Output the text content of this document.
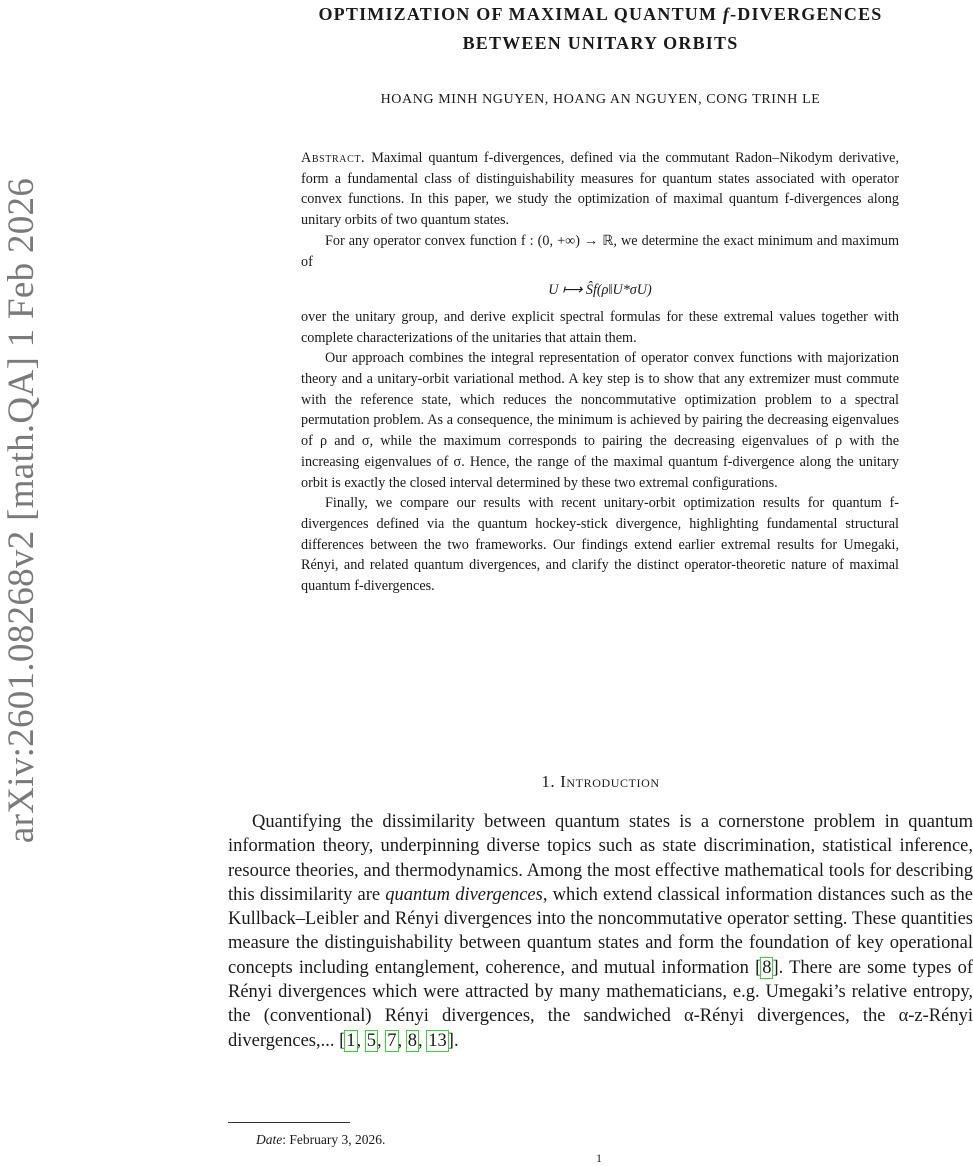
arXiv:2601.08268v2 [math.QA] 1 Feb 2026
OPTIMIZATION OF MAXIMAL QUANTUM f-DIVERGENCES
BETWEEN UNITARY ORBITS
HOANG MINH NGUYEN, HOANG AN NGUYEN, CONG TRINH LE

Abstract. Maximal quantum f-divergences, defined via the commutant Radon–Nikodym derivative, form a fundamental class of distinguishability measures for quantum states associated with operator convex functions. In this paper, we study the optimization of maximal quantum f-divergences along unitary orbits of two quantum states.

For any operator convex function f : (0, +∞) → ℝ, we determine the exact minimum and maximum of

U ⟼ Ŝf(ρ‖U*σU)

over the unitary group, and derive explicit spectral formulas for these extremal values together with complete characterizations of the unitaries that attain them.

Our approach combines the integral representation of operator convex functions with majorization theory and a unitary-orbit variational method. A key step is to show that any extremizer must commute with the reference state, which reduces the noncommutative optimization problem to a spectral permutation problem. As a consequence, the minimum is achieved by pairing the decreasing eigenvalues of ρ and σ, while the maximum corresponds to pairing the decreasing eigenvalues of ρ with the increasing eigenvalues of σ. Hence, the range of the maximal quantum f-divergence along the unitary orbit is exactly the closed interval determined by these two extremal configurations.

Finally, we compare our results with recent unitary-orbit optimization results for quantum f-divergences defined via the quantum hockey-stick divergence, highlighting fundamental structural differences between the two frameworks. Our findings extend earlier extremal results for Umegaki, Rényi, and related quantum divergences, and clarify the distinct operator-theoretic nature of maximal quantum f-divergences.

1. Introduction

Quantifying the dissimilarity between quantum states is a cornerstone problem in quantum information theory, underpinning diverse topics such as state discrimination, statistical inference, resource theories, and thermodynamics. Among the most effective mathematical tools for describing this dissimilarity are quantum divergences, which extend classical information distances such as the Kullback–Leibler and Rényi divergences into the noncommutative operator setting. These quantities measure the distinguishability between quantum states and form the foundation of key operational concepts including entanglement, coherence, and mutual information [8]. There are some types of Rényi divergences which were attracted by many mathematicians, e.g. Umegaki’s relative entropy, the (conventional) Rényi divergences, the sandwiched α-Rényi divergences, the α-z-Rényi divergences,... [1, 5, 7, 8, 13].

Date: February 3, 2026.
1
